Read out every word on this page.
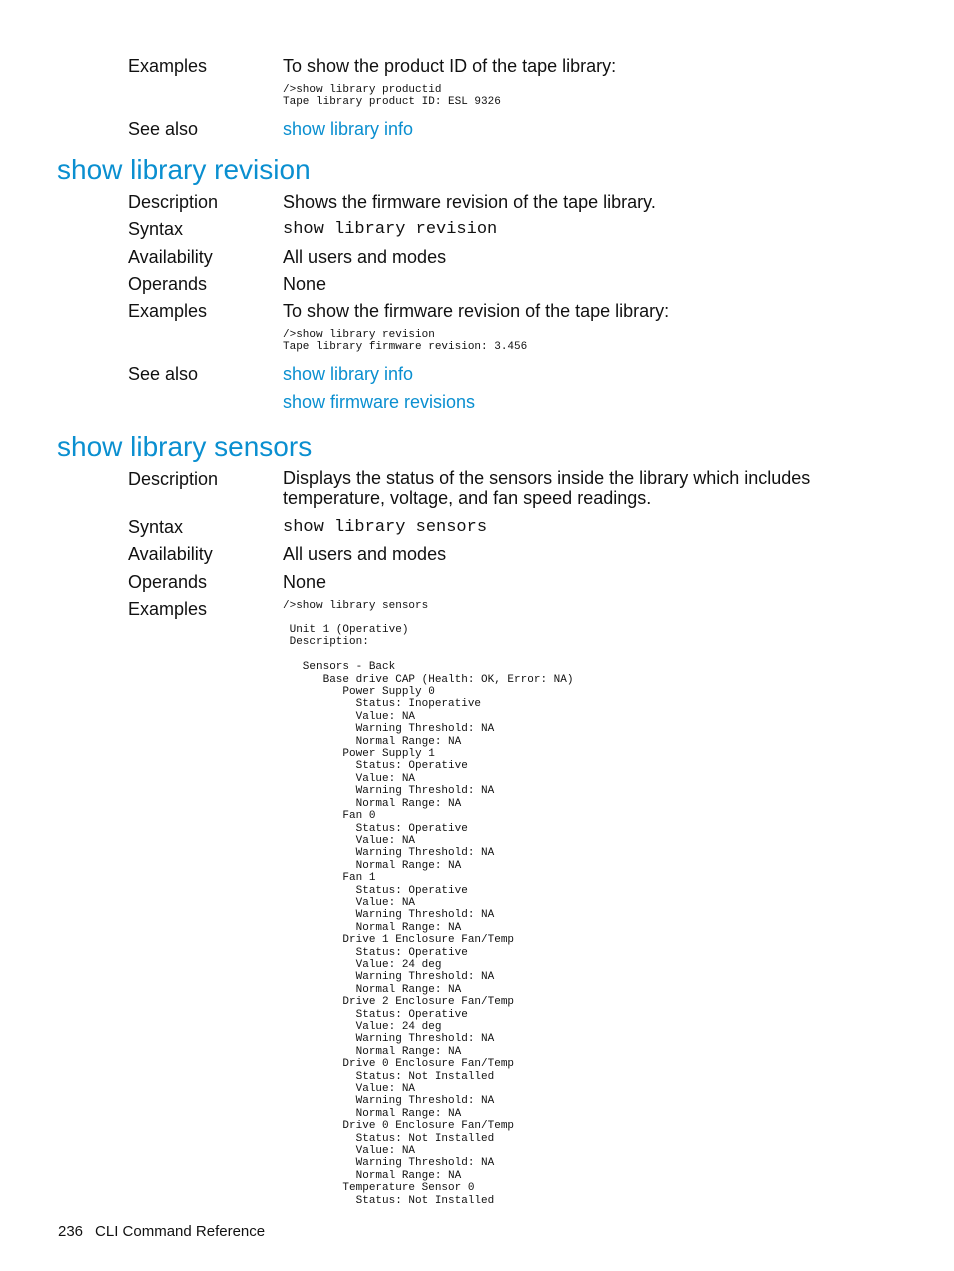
Examples	To show the product ID of the tape library:
/>show library productid
Tape library product ID: ESL 9326
See also	show library info
show library revision
Description	Shows the firmware revision of the tape library.
Syntax	show library revision
Availability	All users and modes
Operands	None
Examples	To show the firmware revision of the tape library:
/>show library revision
Tape library firmware revision: 3.456
See also	show library info
show firmware revisions
show library sensors
Description	Displays the status of the sensors inside the library which includes temperature, voltage, and fan speed readings.
Syntax	show library sensors
Availability	All users and modes
Operands	None
Examples	/>show library sensors
Unit 1 (Operative)
Description:

Sensors - Back
Base drive CAP (Health: OK, Error: NA)
Power Supply 0
Status: Inoperative
Value: NA
Warning Threshold: NA
Normal Range: NA
Power Supply 1
Status: Operative
Value: NA
Warning Threshold: NA
Normal Range: NA
Fan 0
Status: Operative
Value: NA
Warning Threshold: NA
Normal Range: NA
Fan 1
Status: Operative
Value: NA
Warning Threshold: NA
Normal Range: NA
Drive 1 Enclosure Fan/Temp
Status: Operative
Value: 24 deg
Warning Threshold: NA
Normal Range: NA
Drive 2 Enclosure Fan/Temp
Status: Operative
Value: 24 deg
Warning Threshold: NA
Normal Range: NA
Drive 0 Enclosure Fan/Temp
Status: Not Installed
Value: NA
Warning Threshold: NA
Normal Range: NA
Drive 0 Enclosure Fan/Temp
Status: Not Installed
Value: NA
Warning Threshold: NA
Normal Range: NA
Temperature Sensor 0
Status: Not Installed
236 CLI Command Reference
